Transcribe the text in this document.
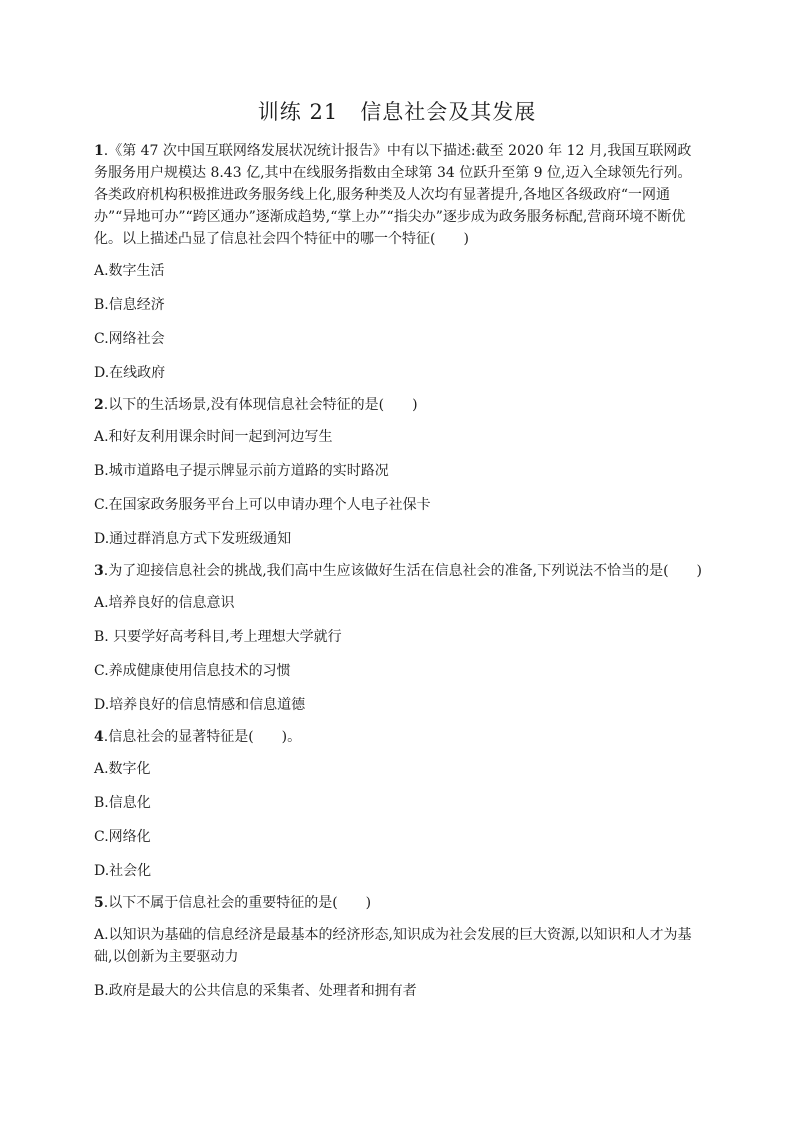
训练 21　信息社会及其发展

1.《第 47 次中国互联网络发展状况统计报告》中有以下描述:截至 2020 年 12 月,我国互联网政务服务用户规模达 8.43 亿,其中在线服务指数由全球第 34 位跃升至第 9 位,迈入全球领先行列。各类政府机构积极推进政务服务线上化,服务种类及人次均有显著提升,各地区各级政府“一网通办”“异地可办”“跨区通办”逐渐成趋势,“掌上办”“指尖办”逐步成为政务服务标配,营商环境不断优化。以上描述凸显了信息社会四个特征中的哪一个特征(　　)

A.数字生活

B.信息经济

C.网络社会

D.在线政府

2.以下的生活场景,没有体现信息社会特征的是(　　)

A.和好友利用课余时间一起到河边写生

B.城市道路电子提示牌显示前方道路的实时路况

C.在国家政务服务平台上可以申请办理个人电子社保卡

D.通过群消息方式下发班级通知

3.为了迎接信息社会的挑战,我们高中生应该做好生活在信息社会的准备,下列说法不恰当的是(　　)

A.培养良好的信息意识

B. 只要学好高考科目,考上理想大学就行

C.养成健康使用信息技术的习惯

D.培养良好的信息情感和信息道德

4.信息社会的显著特征是(　　)。

A.数字化

B.信息化

C.网络化

D.社会化

5.以下不属于信息社会的重要特征的是(　　)

A.以知识为基础的信息经济是最基本的经济形态,知识成为社会发展的巨大资源,以知识和人才为基础,以创新为主要驱动力

B.政府是最大的公共信息的采集者、处理者和拥有者
